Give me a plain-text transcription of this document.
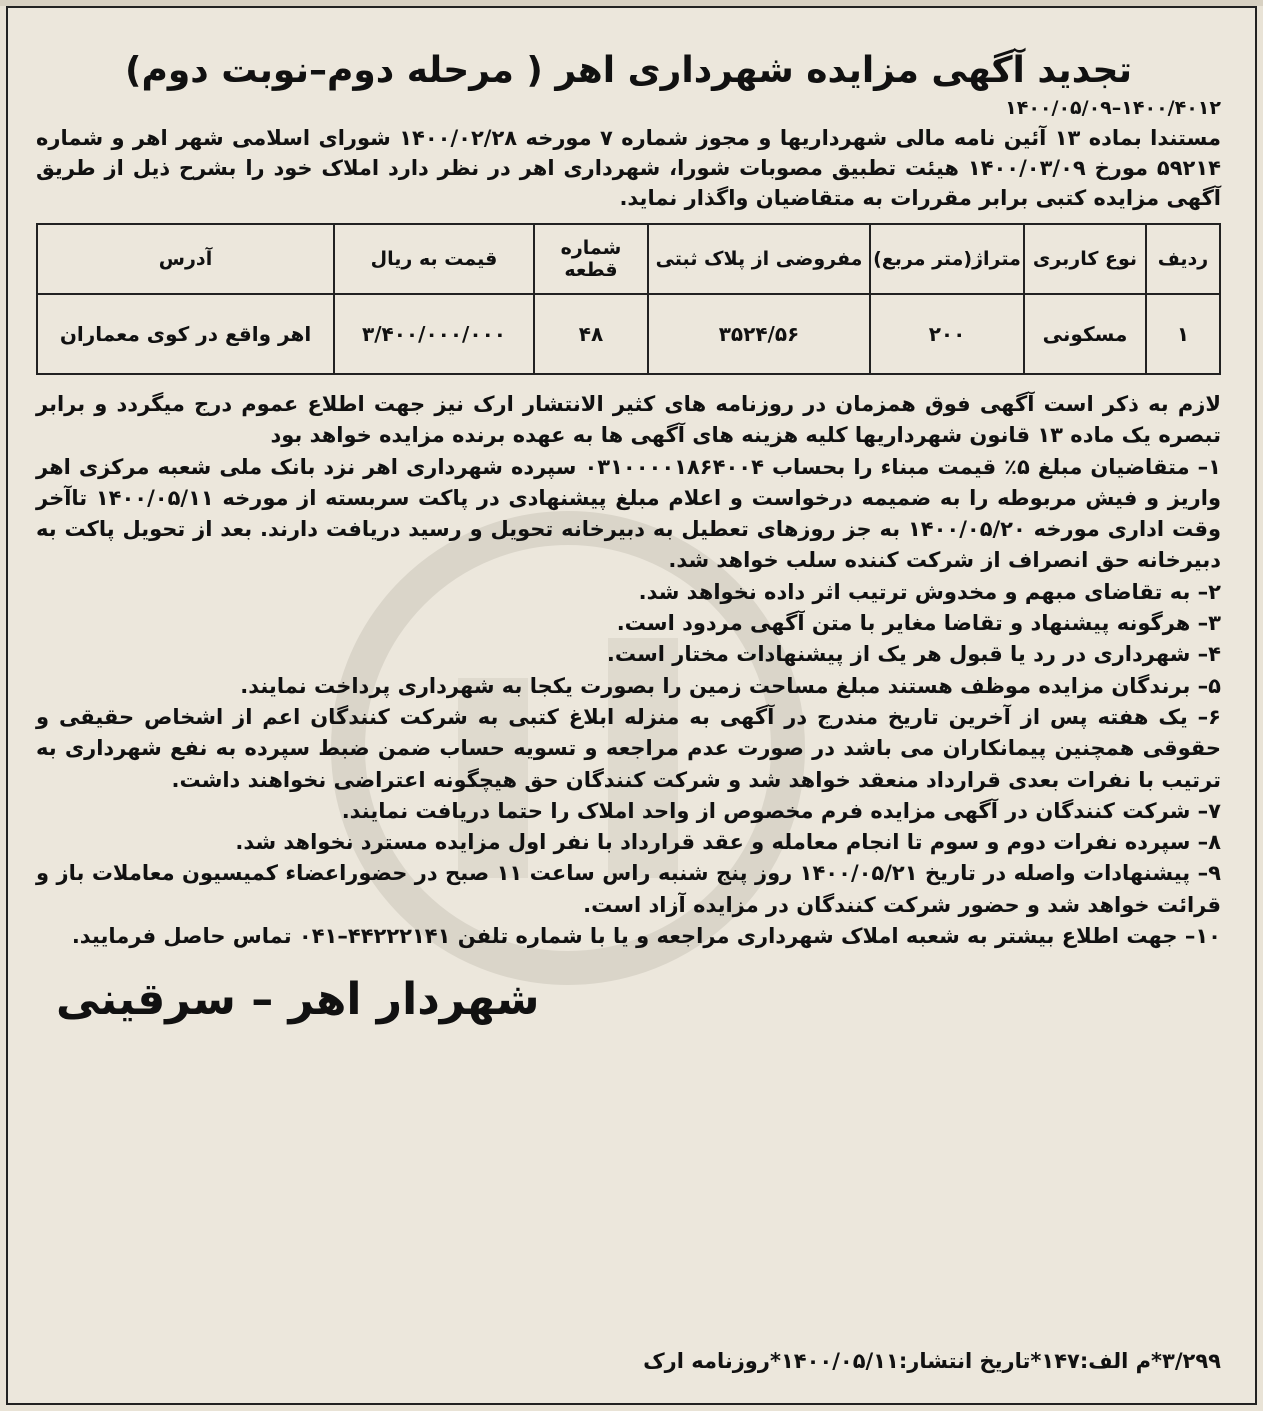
تجدید آگهی مزایده شهرداری اهر ( مرحله دوم–نوبت دوم)
۱۴۰۰/۰۵/۰۹–۱۴۰۰/۴۰۱۲

مستندا بماده ۱۳ آئین نامه مالی شهرداریها و مجوز شماره ۷ مورخه ۱۴۰۰/۰۲/۲۸ شورای اسلامی شهر اهر و شماره ۵۹۲۱۴ مورخ ۱۴۰۰/۰۳/۰۹ هیئت تطبیق مصوبات شورا، شهرداری اهر در نظر دارد املاک خود را بشرح ذیل از طریق آگهی مزایده کتبی برابر مقررات به متقاضیان واگذار نماید.

ردیف	نوع کاربری	متراژ(متر مربع)	مفروضی از پلاک ثبتی	شماره قطعه	قیمت به ریال	آدرس
۱	مسکونی	۲۰۰	۳۵۲۴/۵۶	۴۸	۳/۴۰۰/۰۰۰/۰۰۰	اهر واقع در کوی معماران

لازم به ذکر است آگهی فوق همزمان در روزنامه های کثیر الانتشار ارک نیز جهت اطلاع عموم درج میگردد و برابر تبصره یک ماده ۱۳ قانون شهرداریها کلیه هزینه های آگهی ها به عهده برنده مزایده خواهد بود

۱– متقاضیان مبلغ ۵٪ قیمت مبناء را بحساب ۰۳۱۰۰۰۰۱۸۶۴۰۰۴ سپرده شهرداری اهر نزد بانک ملی شعبه مرکزی اهر واریز و فیش مربوطه را به ضمیمه درخواست و اعلام مبلغ پیشنهادی در پاکت سربسته از مورخه ۱۴۰۰/۰۵/۱۱ تاآخر وقت اداری مورخه ۱۴۰۰/۰۵/۲۰ به جز روزهای تعطیل به دبیرخانه تحویل و رسید دریافت دارند. بعد از تحویل پاکت به دبیرخانه حق انصراف از شرکت کننده سلب خواهد شد.

۲– به تقاضای مبهم و مخدوش ترتیب اثر داده نخواهد شد.

۳– هرگونه پیشنهاد و تقاضا مغایر با متن آگهی مردود است.

۴– شهرداری در رد یا قبول هر یک از پیشنهادات مختار است.

۵– برندگان مزایده موظف هستند مبلغ مساحت زمین را بصورت یکجا به شهرداری پرداخت نمایند.

۶– یک هفته پس از آخرین تاریخ مندرج در آگهی به منزله ابلاغ کتبی به شرکت کنندگان اعم از اشخاص حقیقی و حقوقی همچنین پیمانکاران می باشد در صورت عدم مراجعه و تسویه حساب ضمن ضبط سپرده به نفع شهرداری به ترتیب با نفرات بعدی قرارداد منعقد خواهد شد و شرکت کنندگان حق هیچگونه اعتراضی نخواهند داشت.

۷– شرکت کنندگان در آگهی مزایده فرم مخصوص از واحد املاک را حتما دریافت نمایند.

۸– سپرده نفرات دوم و سوم تا انجام معامله و عقد قرارداد با نفر اول مزایده مسترد نخواهد شد.

۹– پیشنهادات واصله در تاریخ ۱۴۰۰/۰۵/۲۱ روز پنج شنبه راس ساعت ۱۱ صبح در حضوراعضاء کمیسیون معاملات باز و قرائت خواهد شد و حضور شرکت کنندگان در مزایده آزاد است.

۱۰– جهت اطلاع بیشتر به شعبه املاک شهرداری مراجعه و یا با شماره تلفن ۴۴۲۲۲۱۴۱–۰۴۱ تماس حاصل فرمایید.

شهردار اهر – سرقینی
۳/۲۹۹*م الف:۱۴۷*تاریخ انتشار:۱۴۰۰/۰۵/۱۱*روزنامه ارک
